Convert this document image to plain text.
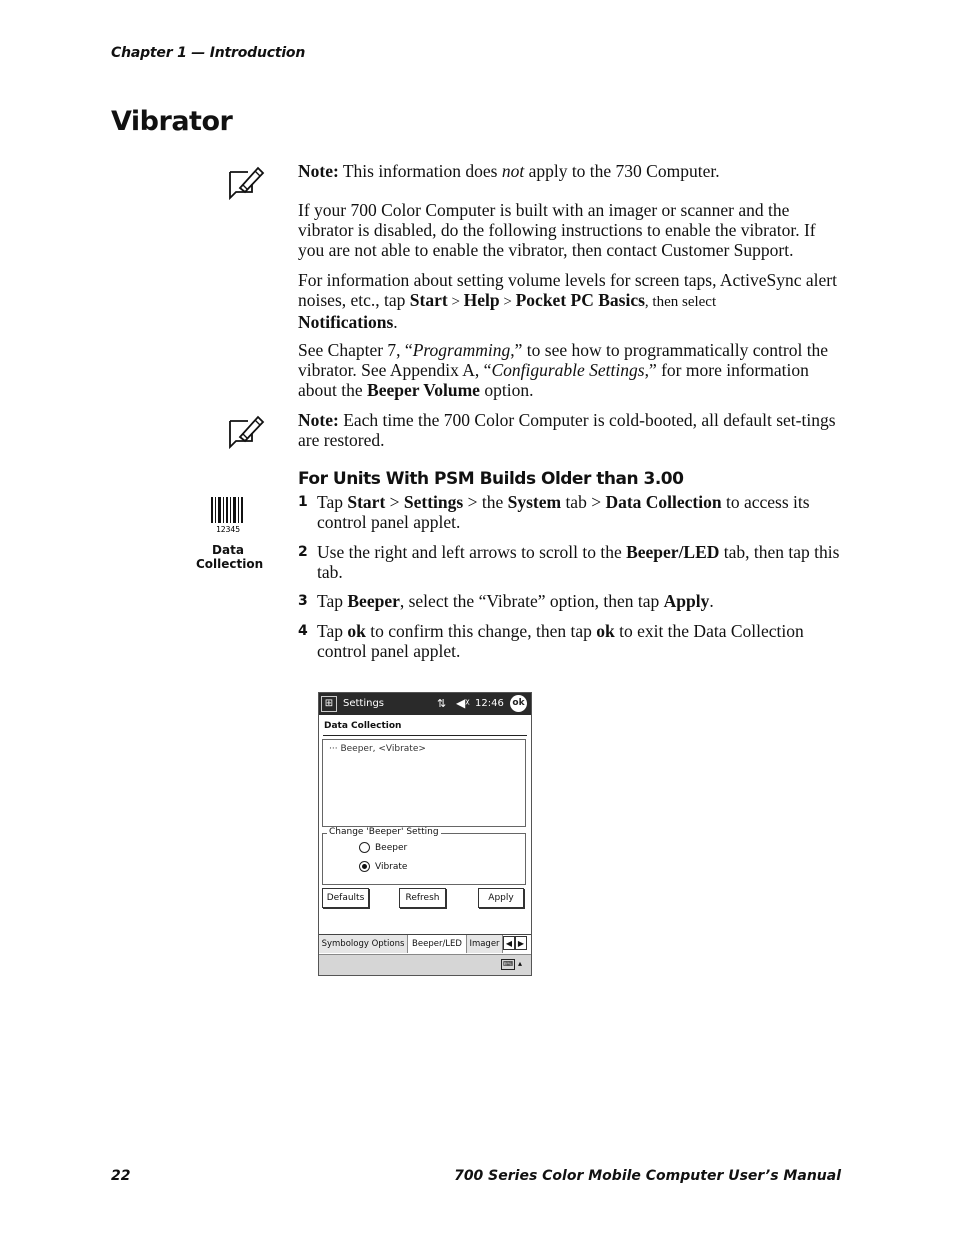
Chapter 1 — Introduction
Vibrator

Note: This information does not apply to the 730 Computer.

If your 700 Color Computer is built with an imager or scanner and the vibrator is disabled, do the following instructions to enable the vibrator. If you are not able to enable the vibrator, then contact Customer Support.

For information about setting volume levels for screen taps, ActiveSync alert noises, etc., tap Start > Help > Pocket PC Basics, then select
Notifications.

See Chapter 7, “Programming,” to see how to programmatically control the vibrator. See Appendix A, “Configurable Settings,” for more information about the Beeper Volume option.

Note: Each time the 700 Color Computer is cold-booted, all default set-tings are restored.

For Units With PSM Builds Older than 3.00
12345
Data
Collection
1 Tap Start > Settings > the System tab > Data Collection to access its control panel applet.
2 Use the right and left arrows to scroll to the Beeper/LED tab, then tap this tab.
3 Tap Beeper, select the “Vibrate” option, then tap Apply.
4 Tap ok to confirm this change, then tap ok to exit the Data Collection control panel applet.
⊞ Settings	⇅ ◀ᵡ 12:46 ok
Data Collection
··· Beeper, <Vibrate>
Change 'Beeper' Setting
Beeper
Vibrate
Defaults	Refresh	Apply
Symbology Options Beeper/LED Imager ◀ ▶
⌨ ▴
22	700 Series Color Mobile Computer User’s Manual
